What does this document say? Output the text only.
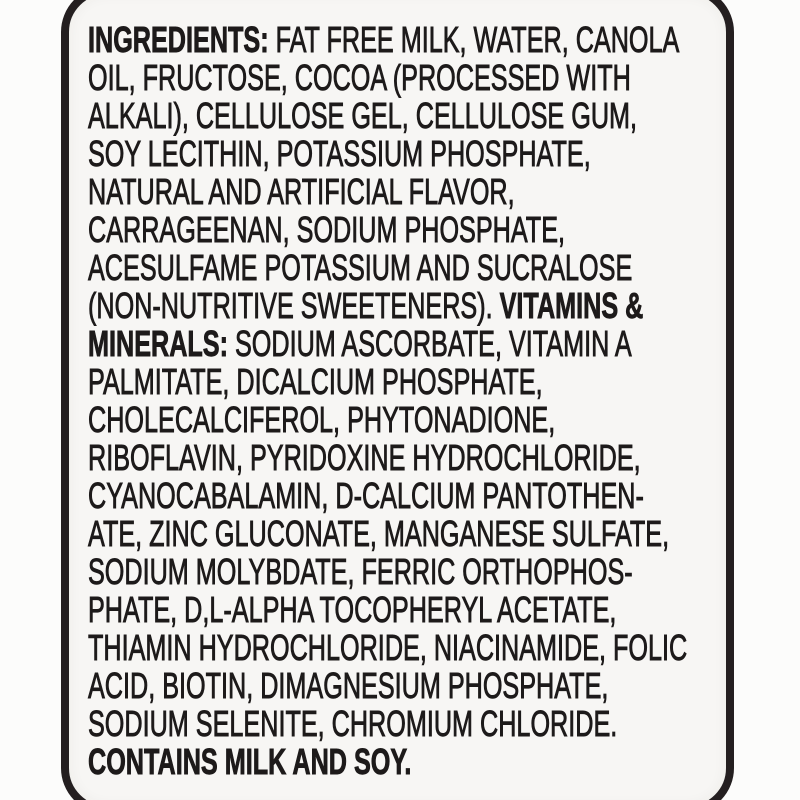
INGREDIENTS: FAT FREE MILK, WATER, CANOLA
OIL, FRUCTOSE, COCOA (PROCESSED WITH
ALKALI), CELLULOSE GEL, CELLULOSE GUM,
SOY LECITHIN, POTASSIUM PHOSPHATE,
NATURAL AND ARTIFICIAL FLAVOR,
CARRAGEENAN, SODIUM PHOSPHATE,
ACESULFAME POTASSIUM AND SUCRALOSE
(NON-NUTRITIVE SWEETENERS). VITAMINS &
MINERALS: SODIUM ASCORBATE, VITAMIN A
PALMITATE, DICALCIUM PHOSPHATE,
CHOLECALCIFEROL, PHYTONADIONE,
RIBOFLAVIN, PYRIDOXINE HYDROCHLORIDE,
CYANOCABALAMIN, D-CALCIUM PANTOTHEN-
ATE, ZINC GLUCONATE, MANGANESE SULFATE,
SODIUM MOLYBDATE, FERRIC ORTHOPHOS-
PHATE, D,L-ALPHA TOCOPHERYL ACETATE,
THIAMIN HYDROCHLORIDE, NIACINAMIDE, FOLIC
ACID, BIOTIN, DIMAGNESIUM PHOSPHATE,
SODIUM SELENITE, CHROMIUM CHLORIDE.
CONTAINS MILK AND SOY.
